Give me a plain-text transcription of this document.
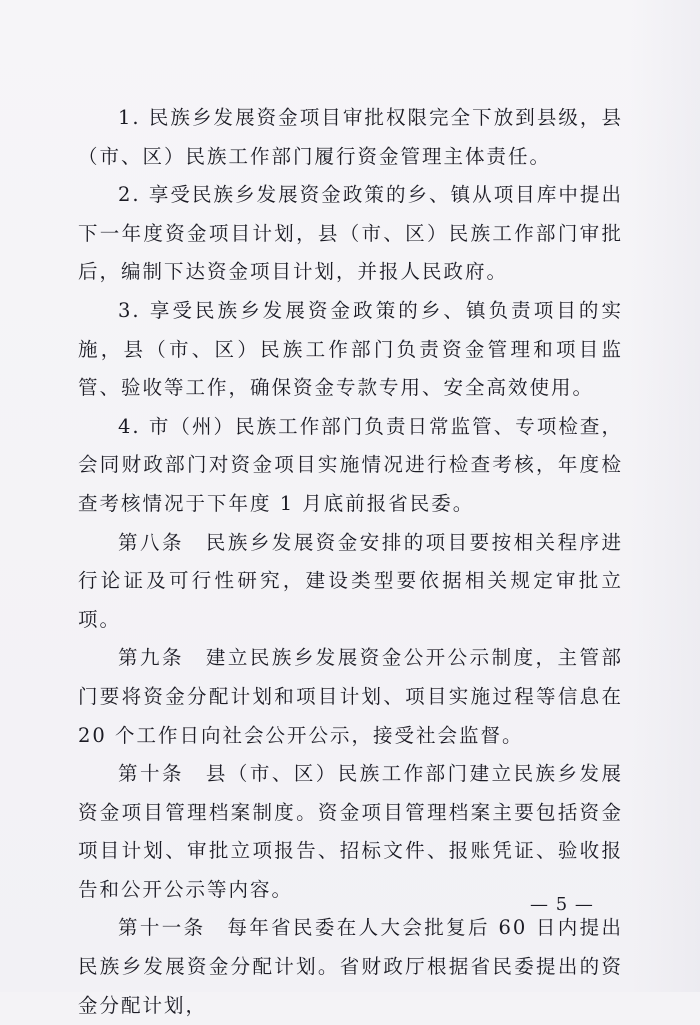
1. 民族乡发展资金项目审批权限完全下放到县级，县（市、区）民族工作部门履行资金管理主体责任。

2. 享受民族乡发展资金政策的乡、镇从项目库中提出下一年度资金项目计划，县（市、区）民族工作部门审批后，编制下达资金项目计划，并报人民政府。

3. 享受民族乡发展资金政策的乡、镇负责项目的实施，县（市、区）民族工作部门负责资金管理和项目监管、验收等工作，确保资金专款专用、安全高效使用。

4. 市（州）民族工作部门负责日常监管、专项检查，会同财政部门对资金项目实施情况进行检查考核，年度检查考核情况于下年度 1 月底前报省民委。

第八条　民族乡发展资金安排的项目要按相关程序进行论证及可行性研究，建设类型要依据相关规定审批立项。

第九条　建立民族乡发展资金公开公示制度，主管部门要将资金分配计划和项目计划、项目实施过程等信息在 20 个工作日向社会公开公示，接受社会监督。

第十条　县（市、区）民族工作部门建立民族乡发展资金项目管理档案制度。资金项目管理档案主要包括资金项目计划、审批立项报告、招标文件、报账凭证、验收报告和公开公示等内容。

第十一条　每年省民委在人大会批复后 60 日内提出民族乡发展资金分配计划。省财政厅根据省民委提出的资金分配计划，

— 5 —
